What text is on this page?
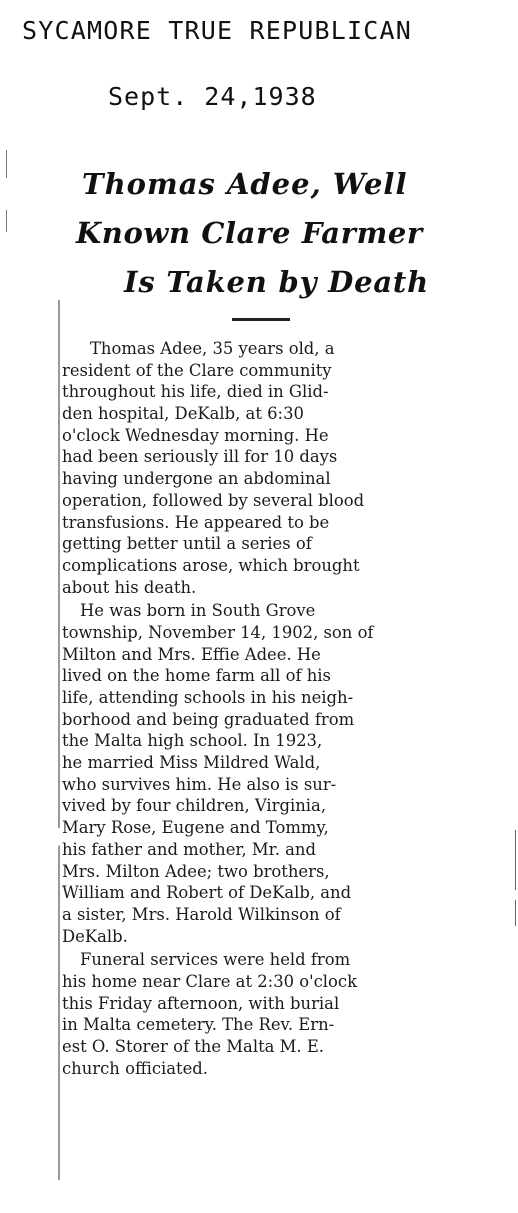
SYCAMORE TRUE REPUBLICAN
Sept. 24,1938
Thomas Adee, Well
Known Clare Farmer
Is Taken by Death
Thomas Adee, 35 years old, a
resident of the Clare community
throughout his life, died in Glid-
den hospital, DeKalb, at 6:30
o'clock Wednesday morning. He
had been seriously ill for 10 days
having undergone an abdominal
operation, followed by several blood
transfusions. He appeared to be
getting better until a series of
complications arose, which brought
about his death.
He was born in South Grove
township, November 14, 1902, son of
Milton and Mrs. Effie Adee. He
lived on the home farm all of his
life, attending schools in his neigh-
borhood and being graduated from
the Malta high school. In 1923,
he married Miss Mildred Wald,
who survives him. He also is sur-
vived by four children, Virginia,
Mary Rose, Eugene and Tommy,
his father and mother, Mr. and
Mrs. Milton Adee; two brothers,
William and Robert of DeKalb, and
a sister, Mrs. Harold Wilkinson of
DeKalb.
Funeral services were held from
his home near Clare at 2:30 o'clock
this Friday afternoon, with burial
in Malta cemetery. The Rev. Ern-
est O. Storer of the Malta M. E.
church officiated.
